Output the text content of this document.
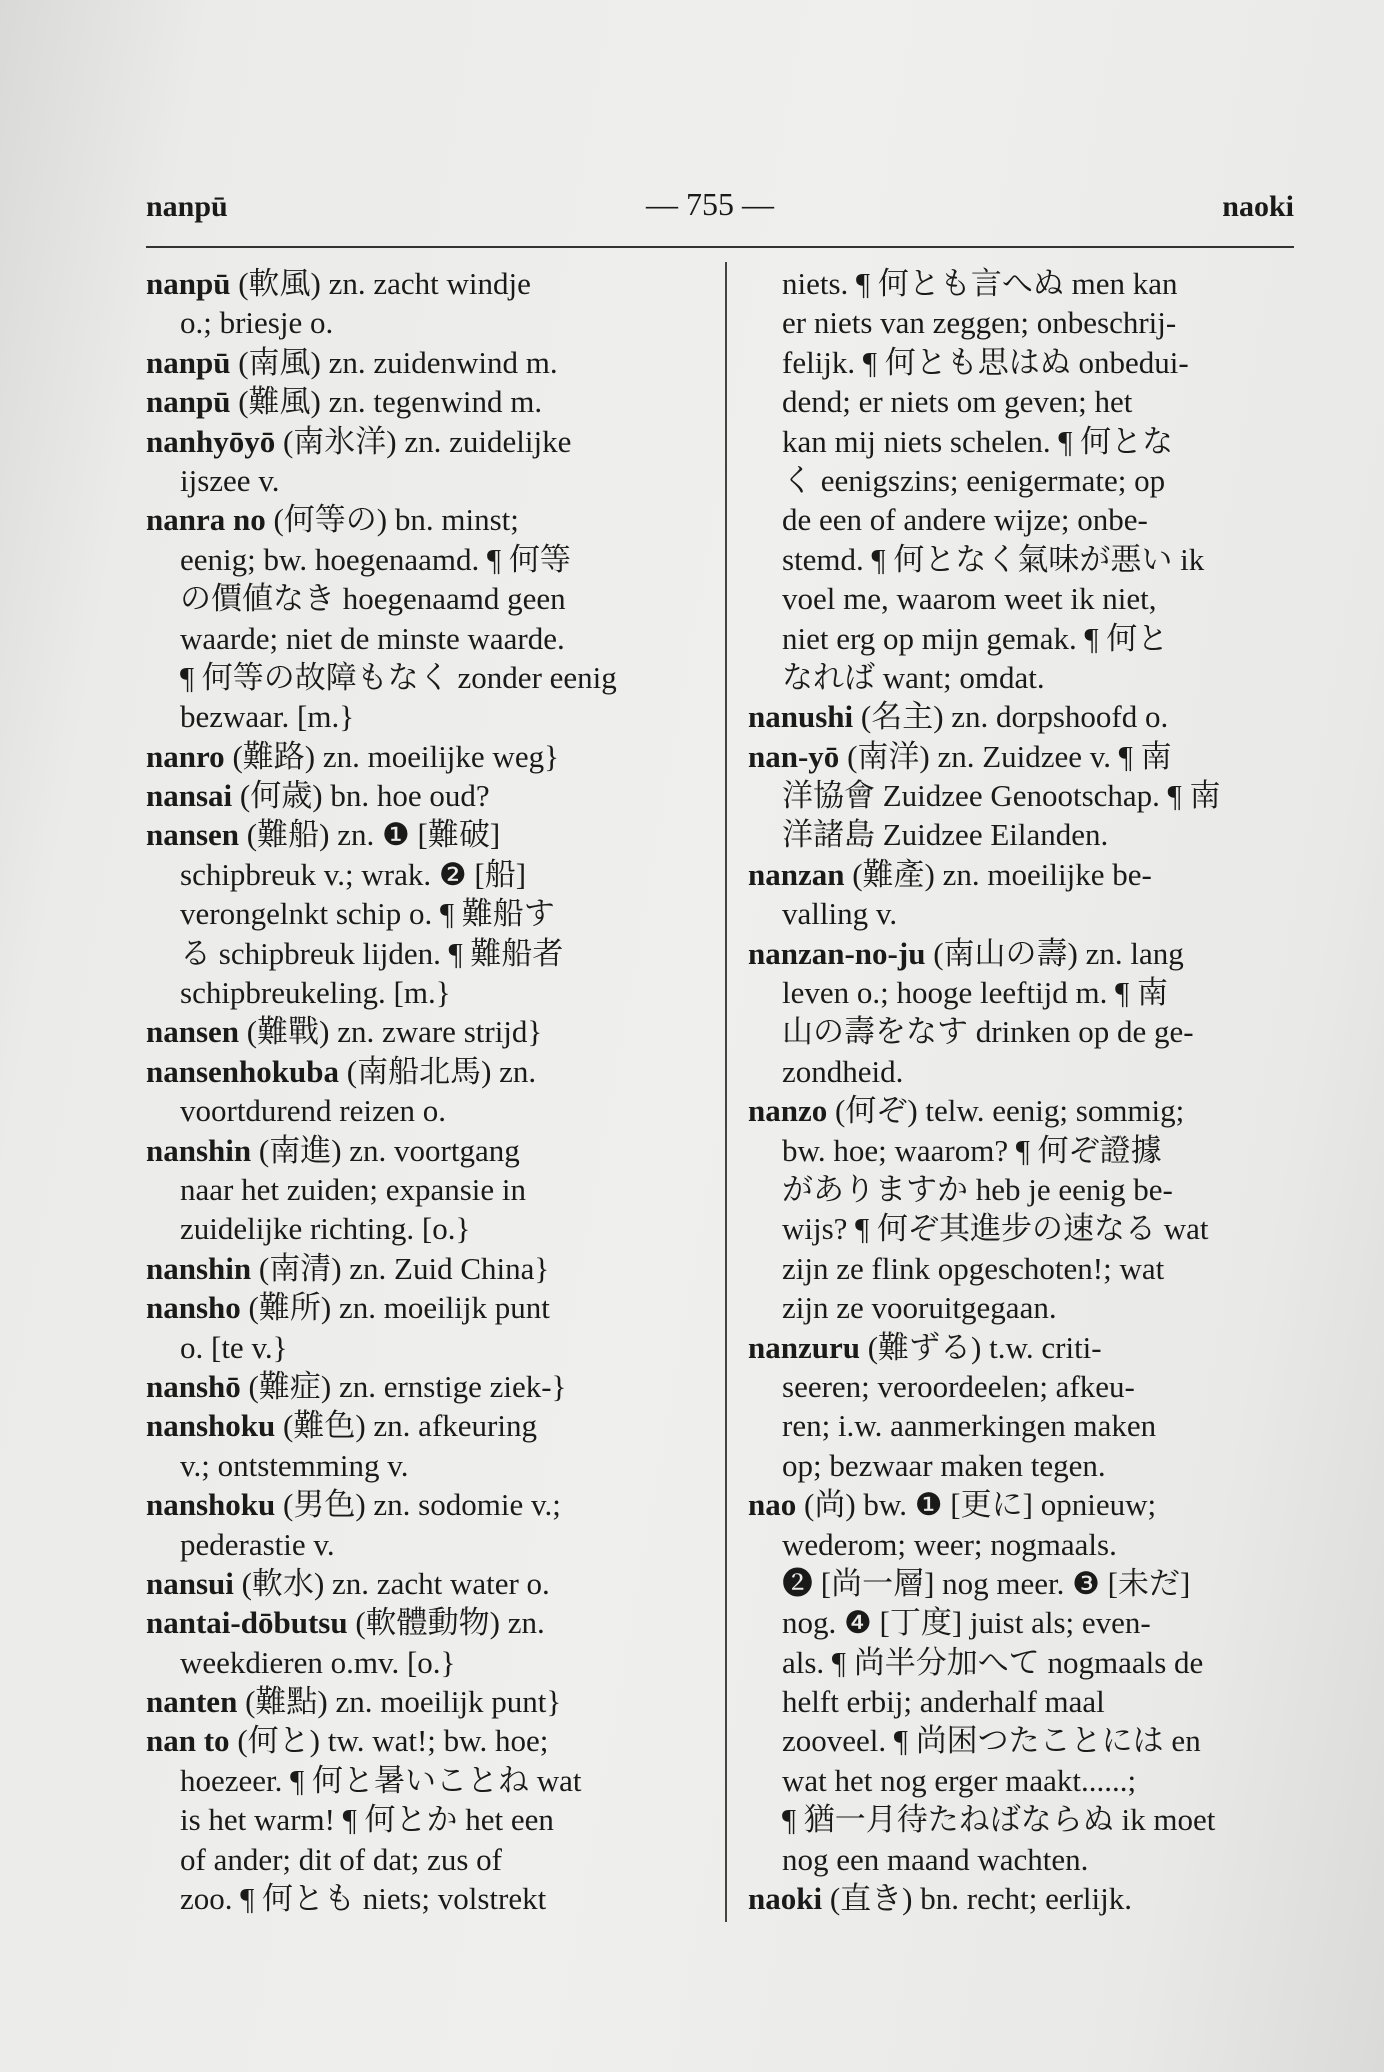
nanpū	— 755 —	naoki
nanpū (軟風) zn. zacht windje
o.; briesje o.
nanpū (南風) zn. zuidenwind m.
nanpū (難風) zn. tegenwind m.
nanhyōyō (南氷洋) zn. zuidelijke
ijszee v.
nanra no (何等の) bn. minst;
eenig; bw. hoegenaamd. ¶ 何等
の價値なき hoegenaamd geen
waarde; niet de minste waarde.
¶ 何等の故障もなく zonder eenig
bezwaar. [m.}
nanro (難路) zn. moeilijke weg}
nansai (何歳) bn. hoe oud?
nansen (難船) zn. ❶ [難破]
schipbreuk v.; wrak. ❷ [船]
verongelnkt schip o. ¶ 難船す
る schipbreuk lijden. ¶ 難船者
schipbreukeling. [m.}
nansen (難戰) zn. zware strijd}
nansenhokuba (南船北馬) zn.
voortdurend reizen o.
nanshin (南進) zn. voortgang
naar het zuiden; expansie in
zuidelijke richting. [o.}
nanshin (南清) zn. Zuid China}
nansho (難所) zn. moeilijk punt
o. [te v.}
nanshō (難症) zn. ernstige ziek-}
nanshoku (難色) zn. afkeuring
v.; ontstemming v.
nanshoku (男色) zn. sodomie v.;
pederastie v.
nansui (軟水) zn. zacht water o.
nantai-dōbutsu (軟體動物) zn.
weekdieren o.mv. [o.}
nanten (難點) zn. moeilijk punt}
nan to (何と) tw. wat!; bw. hoe;
hoezeer. ¶ 何と暑いことね wat
is het warm! ¶ 何とか het een
of ander; dit of dat; zus of
zoo. ¶ 何とも niets; volstrekt
niets. ¶ 何とも言へぬ men kan
er niets van zeggen; onbeschrij-
felijk. ¶ 何とも思はぬ onbedui-
dend; er niets om geven; het
kan mij niets schelen. ¶ 何とな
く eenigszins; eenigermate; op
de een of andere wijze; onbe-
stemd. ¶ 何となく氣味が悪い ik
voel me, waarom weet ik niet,
niet erg op mijn gemak. ¶ 何と
なれば want; omdat.
nanushi (名主) zn. dorpshoofd o.
nan-yō (南洋) zn. Zuidzee v. ¶ 南
洋協會 Zuidzee Genootschap. ¶ 南
洋諸島 Zuidzee Eilanden.
nanzan (難產) zn. moeilijke be-
valling v.
nanzan-no-ju (南山の壽) zn. lang
leven o.; hooge leeftijd m. ¶ 南
山の壽をなす drinken op de ge-
zondheid.
nanzo (何ぞ) telw. eenig; sommig;
bw. hoe; waarom? ¶ 何ぞ證據
がありますか heb je eenig be-
wijs? ¶ 何ぞ其進步の速なる wat
zijn ze flink opgeschoten!; wat
zijn ze vooruitgegaan.
nanzuru (難ずる) t.w. criti-
seeren; veroordeelen; afkeu-
ren; i.w. aanmerkingen maken
op; bezwaar maken tegen.
nao (尚) bw. ❶ [更に] opnieuw;
wederom; weer; nogmaals.
❷ [尚一層] nog meer. ❸ [未だ]
nog. ❹ [丁度] juist als; even-
als. ¶ 尚半分加へて nogmaals de
helft erbij; anderhalf maal
zooveel. ¶ 尚困つたことには en
wat het nog erger maakt......;
¶ 猶一月待たねばならぬ ik moet
nog een maand wachten.
naoki (直き) bn. recht; eerlijk.
